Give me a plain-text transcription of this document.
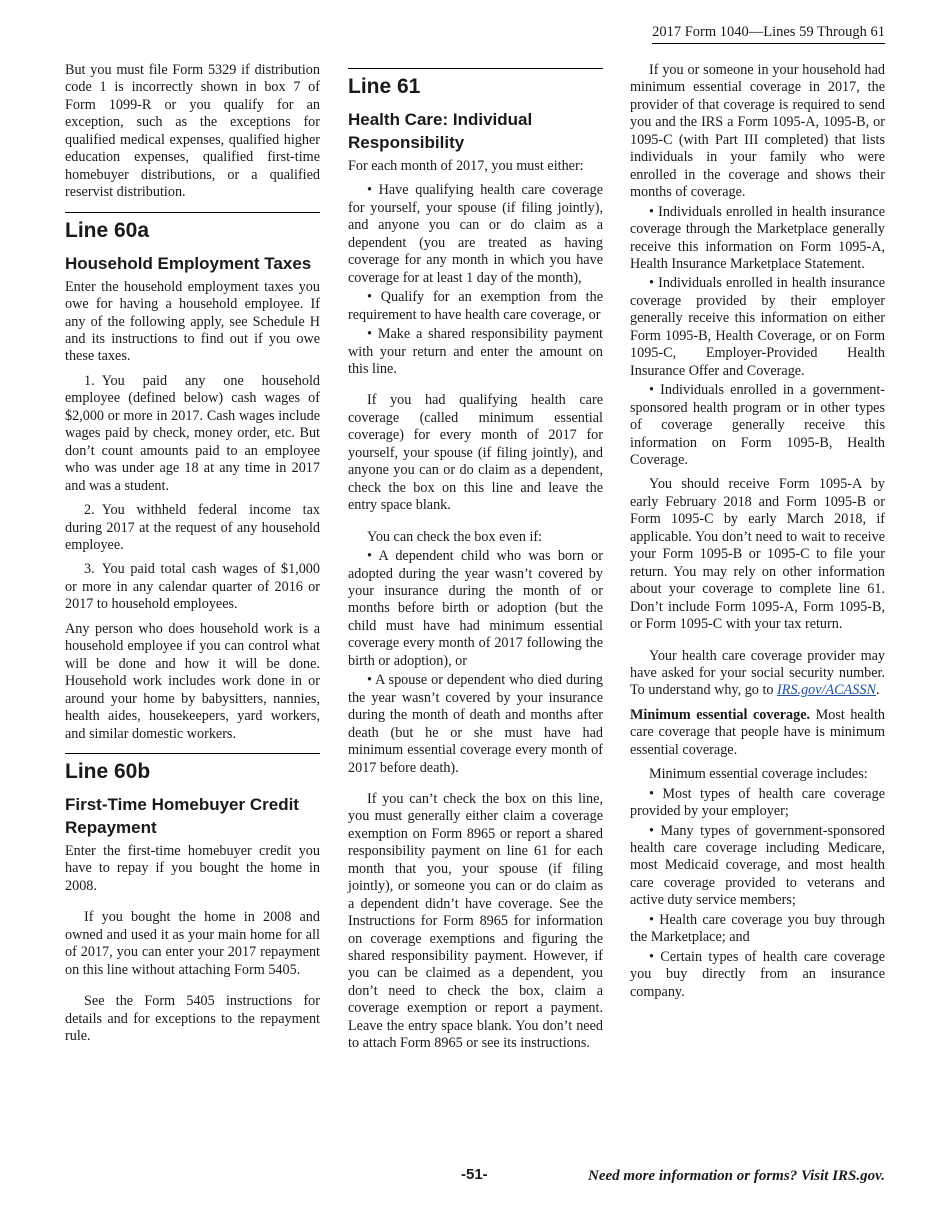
2017 Form 1040—Lines 59 Through 61

But you must file Form 5329 if distribution code 1 is incorrectly shown in box 7 of Form 1099-R or you qualify for an exception, such as the exceptions for qualified medical expenses, qualified higher education expenses, qualified first-time homebuyer distributions, or a qualified reservist distribution.

Line 60a
Household Employment Taxes

Enter the household employment taxes you owe for having a household employee. If any of the following apply, see Schedule H and its instructions to find out if you owe these taxes.

1. You paid any one household employee (defined below) cash wages of $2,000 or more in 2017. Cash wages include wages paid by check, money order, etc. But don’t count amounts paid to an employee who was under age 18 at any time in 2017 and was a student.

2. You withheld federal income tax during 2017 at the request of any household employee.

3. You paid total cash wages of $1,000 or more in any calendar quarter of 2016 or 2017 to household employees.

Any person who does household work is a household employee if you can control what will be done and how it will be done. Household work includes work done in or around your home by babysitters, nannies, health aides, housekeepers, yard workers, and similar domestic workers.

Line 60b
First-Time Homebuyer Credit Repayment

Enter the first-time homebuyer credit you have to repay if you bought the home in 2008.

If you bought the home in 2008 and owned and used it as your main home for all of 2017, you can enter your 2017 repayment on this line without attaching Form 5405.

See the Form 5405 instructions for details and for exceptions to the repayment rule.

Line 61
Health Care: Individual Responsibility

For each month of 2017, you must either:

• Have qualifying health care coverage for yourself, your spouse (if filing jointly), and anyone you can or do claim as a dependent (you are treated as having coverage for any month in which you have coverage for at least 1 day of the month),

• Qualify for an exemption from the requirement to have health care coverage, or

• Make a shared responsibility payment with your return and enter the amount on this line.

If you had qualifying health care coverage (called minimum essential coverage) for every month of 2017 for yourself, your spouse (if filing jointly), and anyone you can or do claim as a dependent, check the box on this line and leave the entry space blank.

You can check the box even if:

• A dependent child who was born or adopted during the year wasn’t covered by your insurance during the month of or months before birth or adoption (but the child must have had minimum essential coverage every month of 2017 following the birth or adoption), or

• A spouse or dependent who died during the year wasn’t covered by your insurance during the month of death and months after death (but he or she must have had minimum essential coverage every month of 2017 before death).

If you can’t check the box on this line, you must generally either claim a coverage exemption on Form 8965 or report a shared responsibility payment on line 61 for each month that you, your spouse (if filing jointly), or someone you can or do claim as a dependent didn’t have coverage. See the Instructions for Form 8965 for information on coverage exemptions and figuring the shared responsibility payment. However, if you can be claimed as a dependent, you don’t need to check the box, claim a coverage exemption or report a payment. Leave the entry space blank. You don’t need to attach Form 8965 or see its instructions.

If you or someone in your household had minimum essential coverage in 2017, the provider of that coverage is required to send you and the IRS a Form 1095-A, 1095-B, or 1095-C (with Part III completed) that lists individuals in your family who were enrolled in the coverage and shows their months of coverage.

• Individuals enrolled in health insurance coverage through the Marketplace generally receive this information on Form 1095-A, Health Insurance Marketplace Statement.

• Individuals enrolled in health insurance coverage provided by their employer generally receive this information on either Form 1095-B, Health Coverage, or on Form 1095-C, Employer-Provided Health Insurance Offer and Coverage.

• Individuals enrolled in a government-sponsored health program or in other types of coverage generally receive this information on Form 1095-B, Health Coverage.

You should receive Form 1095-A by early February 2018 and Form 1095-B or Form 1095-C by early March 2018, if applicable. You don’t need to wait to receive your Form 1095-B or 1095-C to file your return. You may rely on other information about your coverage to complete line 61. Don’t include Form 1095-A, Form 1095-B, or Form 1095-C with your tax return.

Your health care coverage provider may have asked for your social security number. To understand why, go to IRS.gov/ACASSN.

Minimum essential coverage. Most health care coverage that people have is minimum essential coverage.

Minimum essential coverage includes:

• Most types of health care coverage provided by your employer;

• Many types of government-sponsored health care coverage including Medicare, most Medicaid coverage, and most health care coverage provided to veterans and active duty service members;

• Health care coverage you buy through the Marketplace; and

• Certain types of health care coverage you buy directly from an insurance company.

-51-	Need more information or forms? Visit IRS.gov.
